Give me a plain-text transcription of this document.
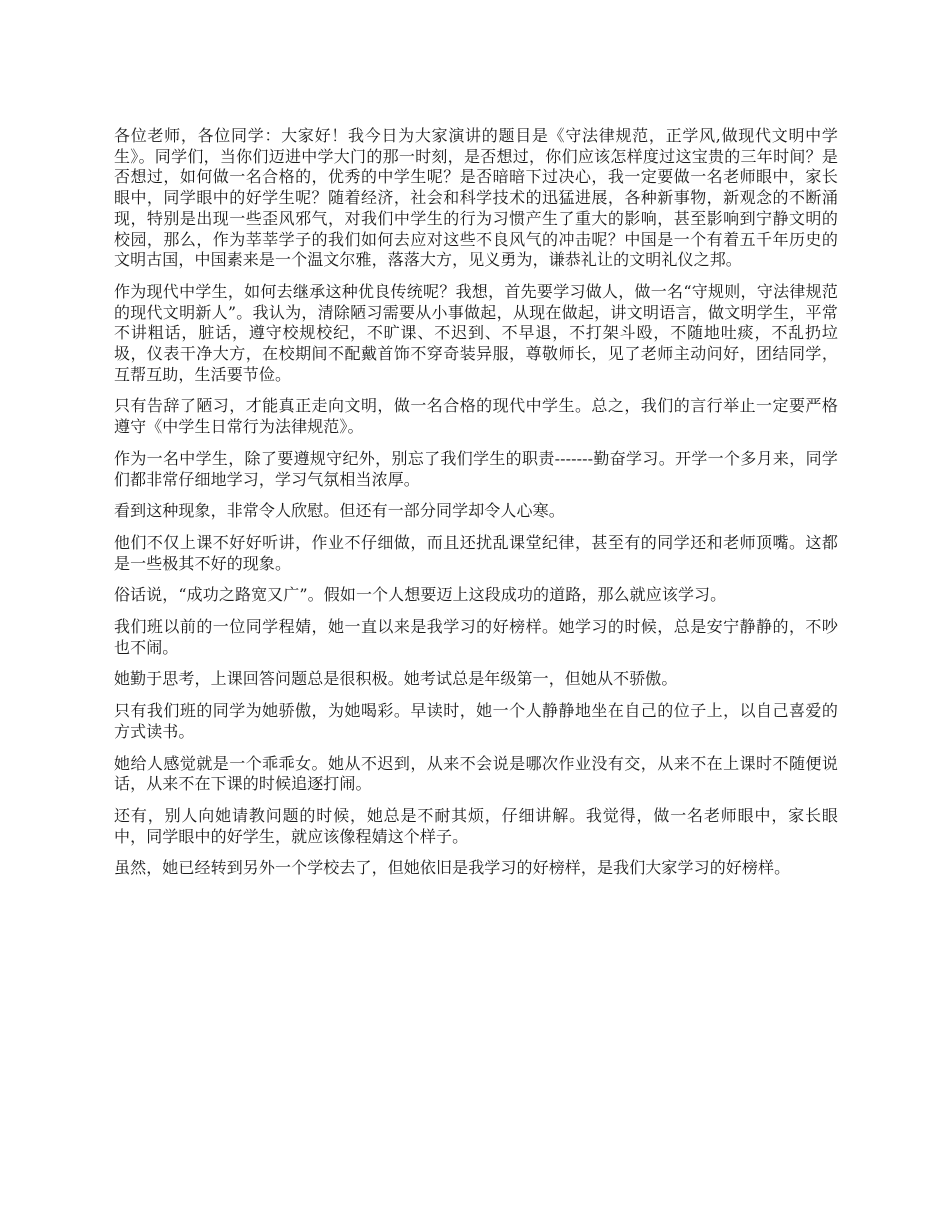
各位老师，各位同学：大家好！我今日为大家演讲的题目是《守法律规范，正学风,做现代文明中学生》。同学们，当你们迈进中学大门的那一时刻，是否想过，你们应该怎样度过这宝贵的三年时间？是否想过，如何做一名合格的，优秀的中学生呢？是否暗暗下过决心，我一定要做一名老师眼中，家长眼中，同学眼中的好学生呢？随着经济，社会和科学技术的迅猛进展，各种新事物，新观念的不断涌现，特别是出现一些歪风邪气，对我们中学生的行为习惯产生了重大的影响，甚至影响到宁静文明的校园，那么，作为莘莘学子的我们如何去应对这些不良风气的冲击呢？中国是一个有着五千年历史的文明古国，中国素来是一个温文尔雅，落落大方，见义勇为，谦恭礼让的文明礼仪之邦。

作为现代中学生，如何去继承这种优良传统呢？我想，首先要学习做人，做一名“守规则，守法律规范的现代文明新人”。我认为，清除陋习需要从小事做起，从现在做起，讲文明语言，做文明学生，平常不讲粗话，脏话，遵守校规校纪，不旷课、不迟到、不早退，不打架斗殴，不随地吐痰，不乱扔垃圾，仪表干净大方，在校期间不配戴首饰不穿奇装异服，尊敬师长，见了老师主动问好，团结同学，互帮互助，生活要节俭。

只有告辞了陋习，才能真正走向文明，做一名合格的现代中学生。总之，我们的言行举止一定要严格遵守《中学生日常行为法律规范》。

作为一名中学生，除了要遵规守纪外，别忘了我们学生的职责-------勤奋学习。开学一个多月来，同学们都非常仔细地学习，学习气氛相当浓厚。

看到这种现象，非常令人欣慰。但还有一部分同学却令人心寒。

他们不仅上课不好好听讲，作业不仔细做，而且还扰乱课堂纪律，甚至有的同学还和老师顶嘴。这都是一些极其不好的现象。

俗话说，“成功之路宽又广”。假如一个人想要迈上这段成功的道路，那么就应该学习。

我们班以前的一位同学程婧，她一直以来是我学习的好榜样。她学习的时候，总是安宁静静的，不吵也不闹。

她勤于思考，上课回答问题总是很积极。她考试总是年级第一，但她从不骄傲。

只有我们班的同学为她骄傲，为她喝彩。早读时，她一个人静静地坐在自己的位子上，以自己喜爱的方式读书。

她给人感觉就是一个乖乖女。她从不迟到，从来不会说是哪次作业没有交，从来不在上课时不随便说话，从来不在下课的时候追逐打闹。

还有，别人向她请教问题的时候，她总是不耐其烦，仔细讲解。我觉得，做一名老师眼中，家长眼中，同学眼中的好学生，就应该像程婧这个样子。

虽然，她已经转到另外一个学校去了，但她依旧是我学习的好榜样，是我们大家学习的好榜样。
